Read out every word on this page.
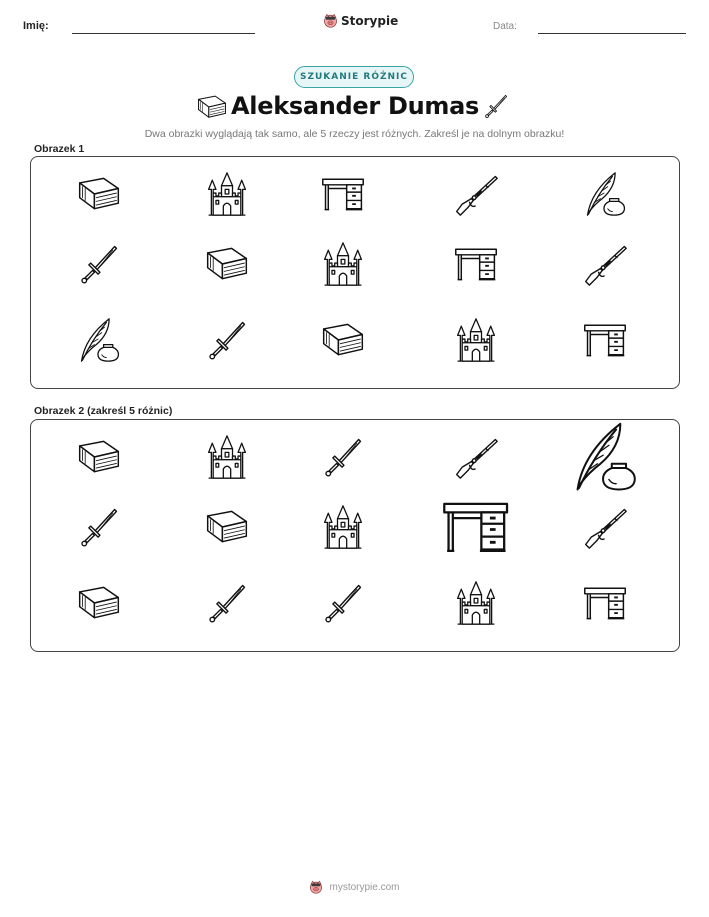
Imię:	Storypie	Data:
SZUKANIE RÓŻNIC
Aleksander Dumas
Dwa obrazki wyglądają tak samo, ale 5 rzeczy jest różnych. Zakreśl je na dolnym obrazku!
Obrazek 1
Obrazek 2 (zakreśl 5 różnic)
mystorypie.com
